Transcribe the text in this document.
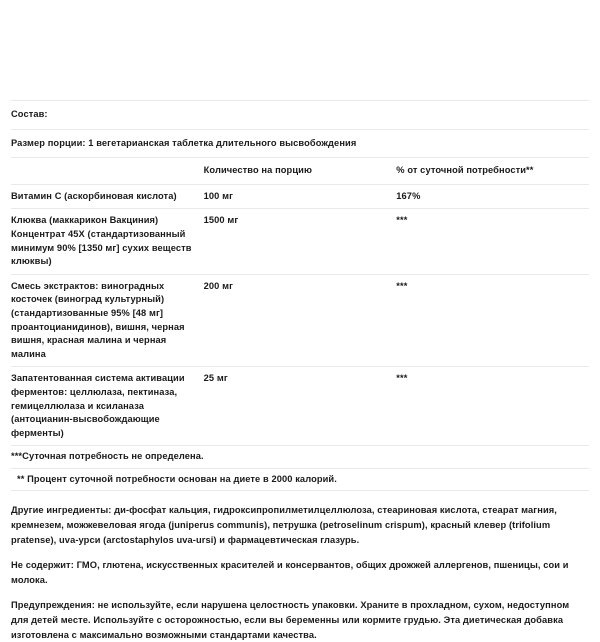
Состав:		
Размер порции: 1 вегетарианская таблетка длительного высвобождения		
	Количество на порцию	% от суточной потребности**
Витамин С (аскорбиновая кислота)	100 мг	167%
Клюква (маккарикон Вакциния) Концентрат 45Х (стандартизованный минимум 90% [1350 мг] сухих веществ клюквы)	1500 мг	***
Смесь экстрактов: виноградных косточек (виноград культурный) (стандартизованные 95% [48 мг] проантоцианидинов), вишня, черная вишня, красная малина и черная малина	200 мг	***
Запатентованная система активации ферментов: целлюлаза, пектиназа, гемицеллюлаза и ксиланаза (антоцианин-высвобождающие ферменты)	25 мг	***
***Суточная потребность не определена.		
** Процент суточной потребности основан на диете в 2000 калорий.		

Другие ингредиенты: ди-фосфат кальция, гидроксипропилметилцеллюлоза, стеариновая кислота, стеарат магния, кремнезем, можжевеловая ягода (juniperus communis), петрушка (petroselinum crispum), красный клевер (trifolium pratense), uva-урси (arctostaphylos uva-ursi) и фармацевтическая глазурь.

Не содержит: ГМО, глютена, искусственных красителей и консервантов, общих дрожжей аллергенов, пшеницы, сои и молока.

Предупреждения: не используйте, если нарушена целостность упаковки. Храните в прохладном, сухом, недоступном для детей месте. Используйте с осторожностью, если вы беременны или кормите грудью. Эта диетическая добавка изготовлена с максимально возможными стандартами качества.
